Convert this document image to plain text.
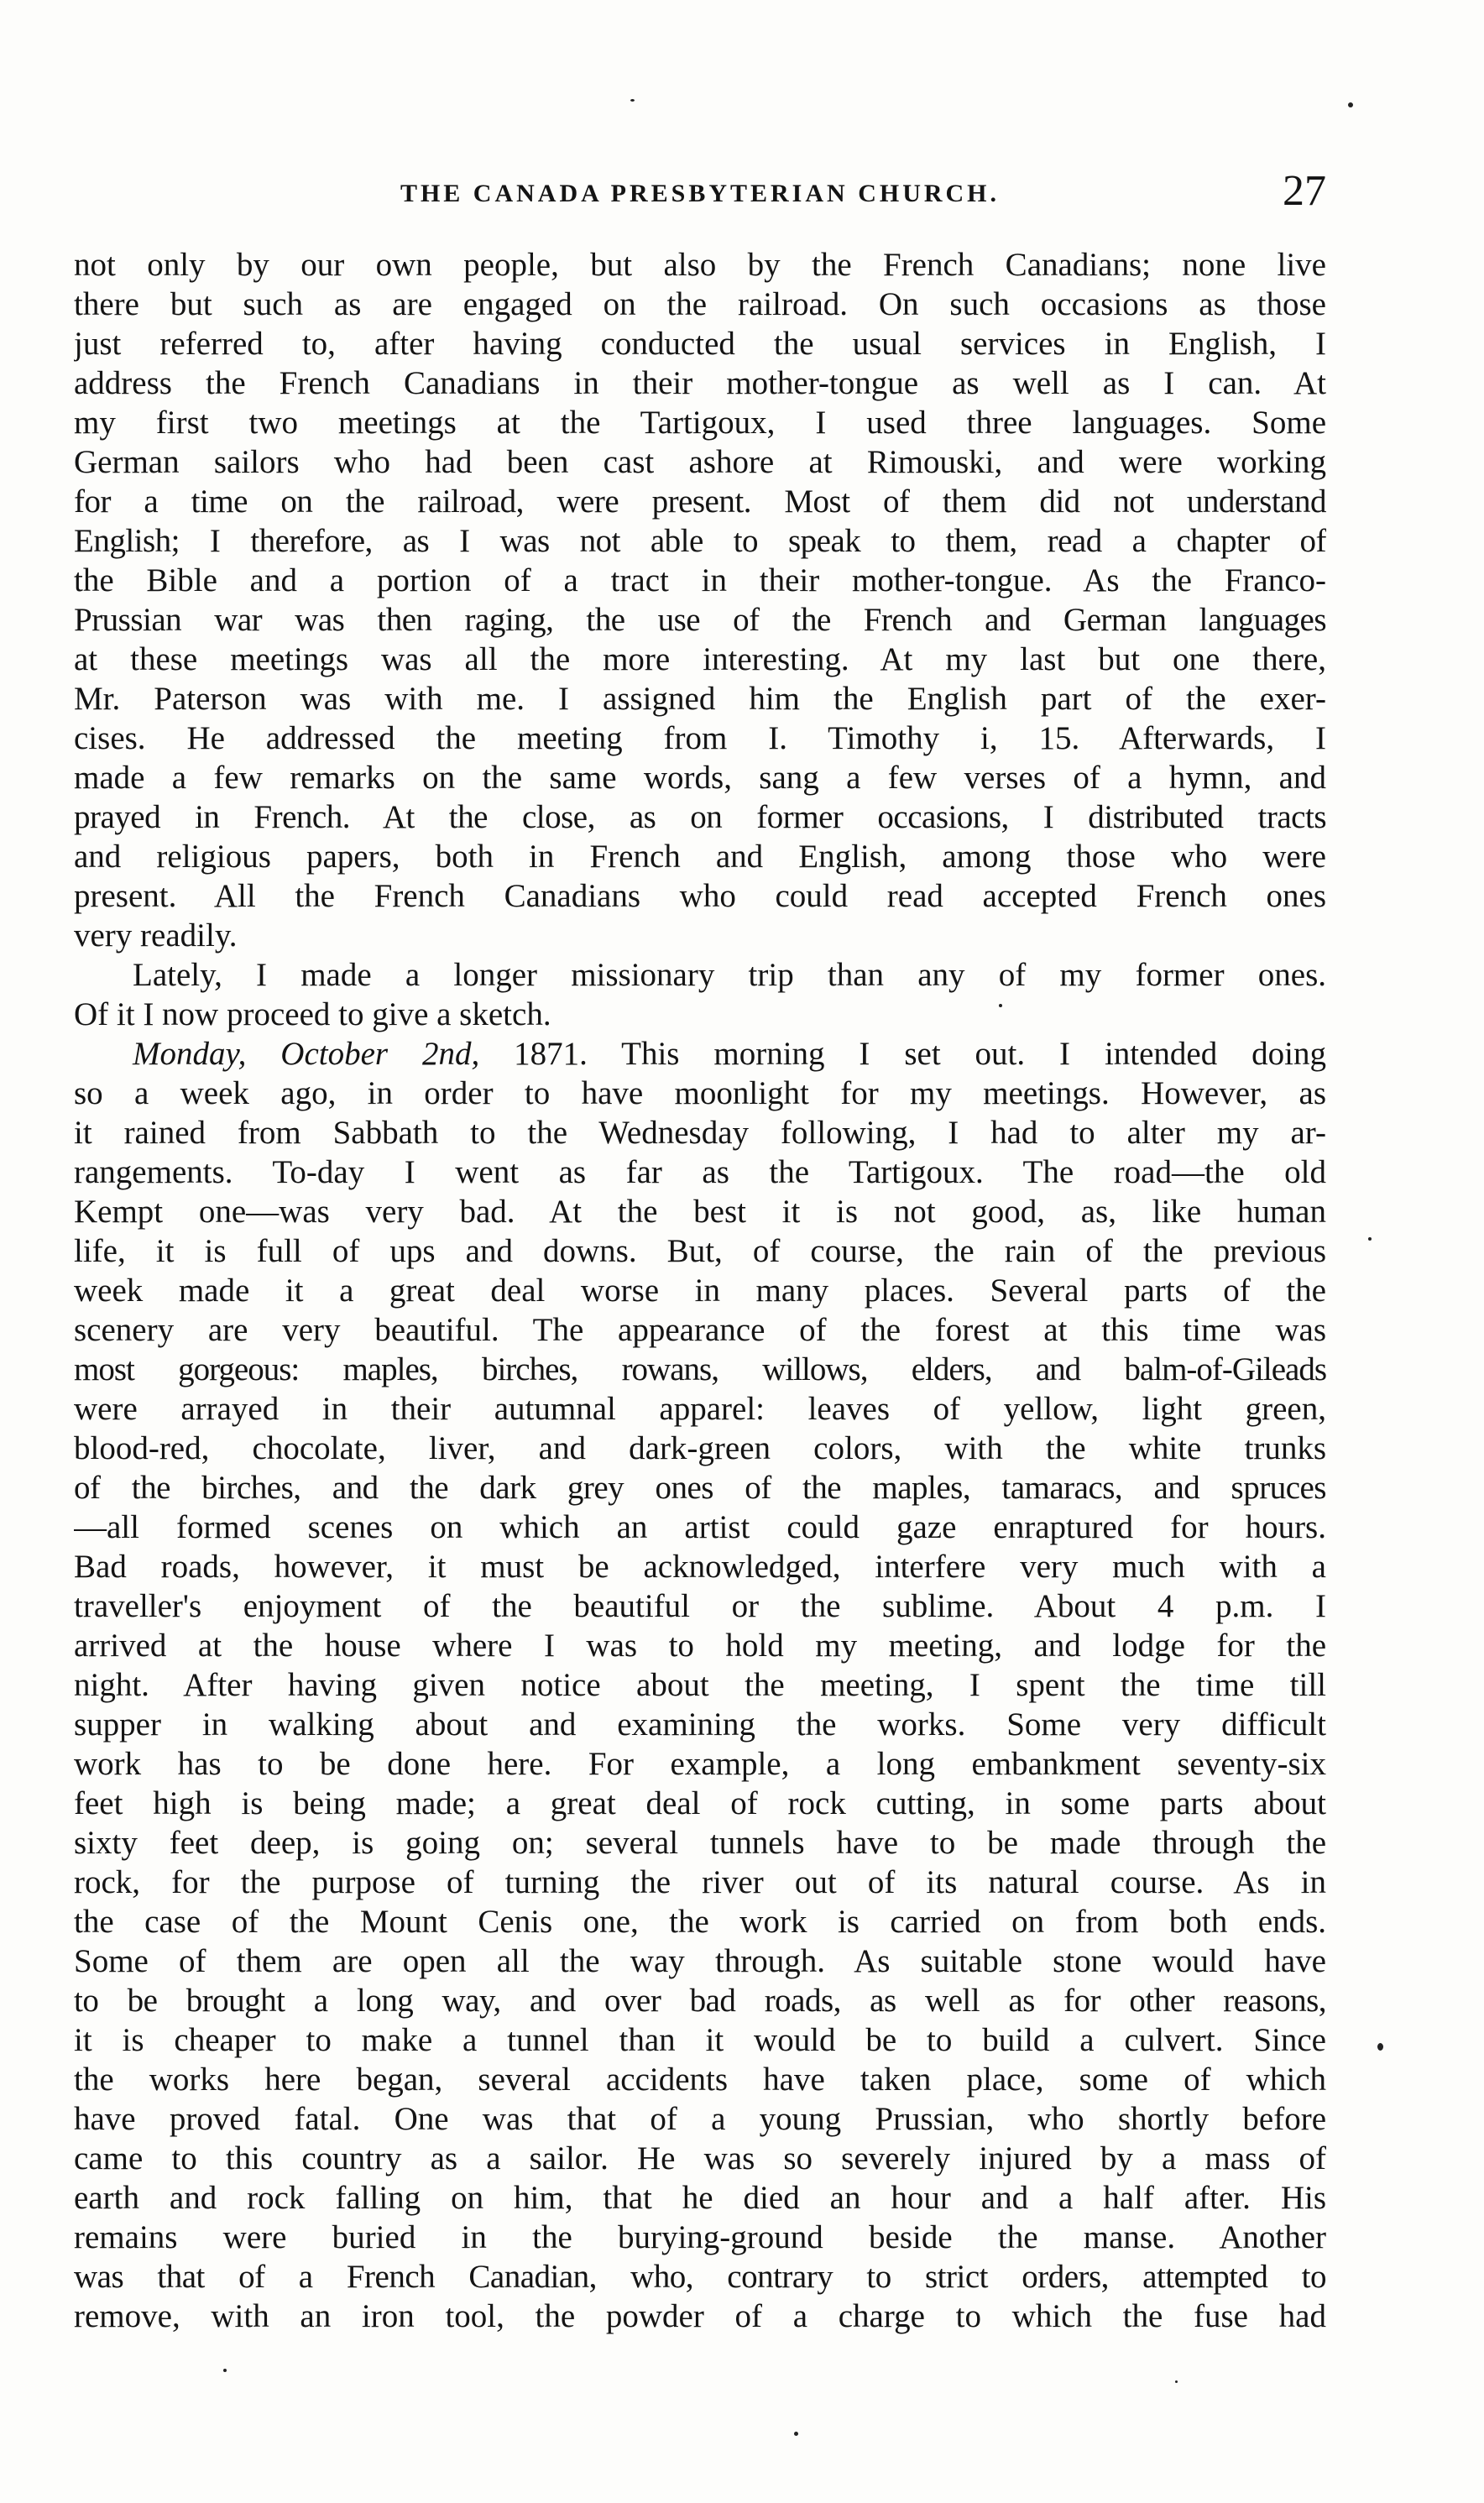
THE CANADA PRESBYTERIAN CHURCH.	27
not only by our own people, but also by the French Canadians; none live
there but such as are engaged on the railroad. On such occasions as those
just referred to, after having conducted the usual services in English, I
address the French Canadians in their mother-tongue as well as I can. At
my first two meetings at the Tartigoux, I used three languages. Some
German sailors who had been cast ashore at Rimouski, and were working
for a time on the railroad, were present. Most of them did not understand
English; I therefore, as I was not able to speak to them, read a chapter of
the Bible and a portion of a tract in their mother-tongue. As the Franco-
Prussian war was then raging, the use of the French and German languages
at these meetings was all the more interesting. At my last but one there,
Mr. Paterson was with me. I assigned him the English part of the exer-
cises. He addressed the meeting from I. Timothy i, 15. Afterwards, I
made a few remarks on the same words, sang a few verses of a hymn, and
prayed in French. At the close, as on former occasions, I distributed tracts
and religious papers, both in French and English, among those who were
present. All the French Canadians who could read accepted French ones
very readily.
Lately, I made a longer missionary trip than any of my former ones.
Of it I now proceed to give a sketch.
Monday, October 2nd, 1871. This morning I set out. I intended doing
so a week ago, in order to have moonlight for my meetings. However, as
it rained from Sabbath to the Wednesday following, I had to alter my ar-
rangements. To-day I went as far as the Tartigoux. The road—the old
Kempt one—was very bad. At the best it is not good, as, like human
life, it is full of ups and downs. But, of course, the rain of the previous
week made it a great deal worse in many places. Several parts of the
scenery are very beautiful. The appearance of the forest at this time was
most gorgeous: maples, birches, rowans, willows, elders, and balm-of-Gileads
were arrayed in their autumnal apparel: leaves of yellow, light green,
blood-red, chocolate, liver, and dark-green colors, with the white trunks
of the birches, and the dark grey ones of the maples, tamaracs, and spruces
—all formed scenes on which an artist could gaze enraptured for hours.
Bad roads, however, it must be acknowledged, interfere very much with a
traveller's enjoyment of the beautiful or the sublime. About 4 p.m. I
arrived at the house where I was to hold my meeting, and lodge for the
night. After having given notice about the meeting, I spent the time till
supper in walking about and examining the works. Some very difficult
work has to be done here. For example, a long embankment seventy-six
feet high is being made; a great deal of rock cutting, in some parts about
sixty feet deep, is going on; several tunnels have to be made through the
rock, for the purpose of turning the river out of its natural course. As in
the case of the Mount Cenis one, the work is carried on from both ends.
Some of them are open all the way through. As suitable stone would have
to be brought a long way, and over bad roads, as well as for other reasons,
it is cheaper to make a tunnel than it would be to build a culvert. Since
the works here began, several accidents have taken place, some of which
have proved fatal. One was that of a young Prussian, who shortly before
came to this country as a sailor. He was so severely injured by a mass of
earth and rock falling on him, that he died an hour and a half after. His
remains were buried in the burying-ground beside the manse. Another
was that of a French Canadian, who, contrary to strict orders, attempted to
remove, with an iron tool, the powder of a charge to which the fuse had
